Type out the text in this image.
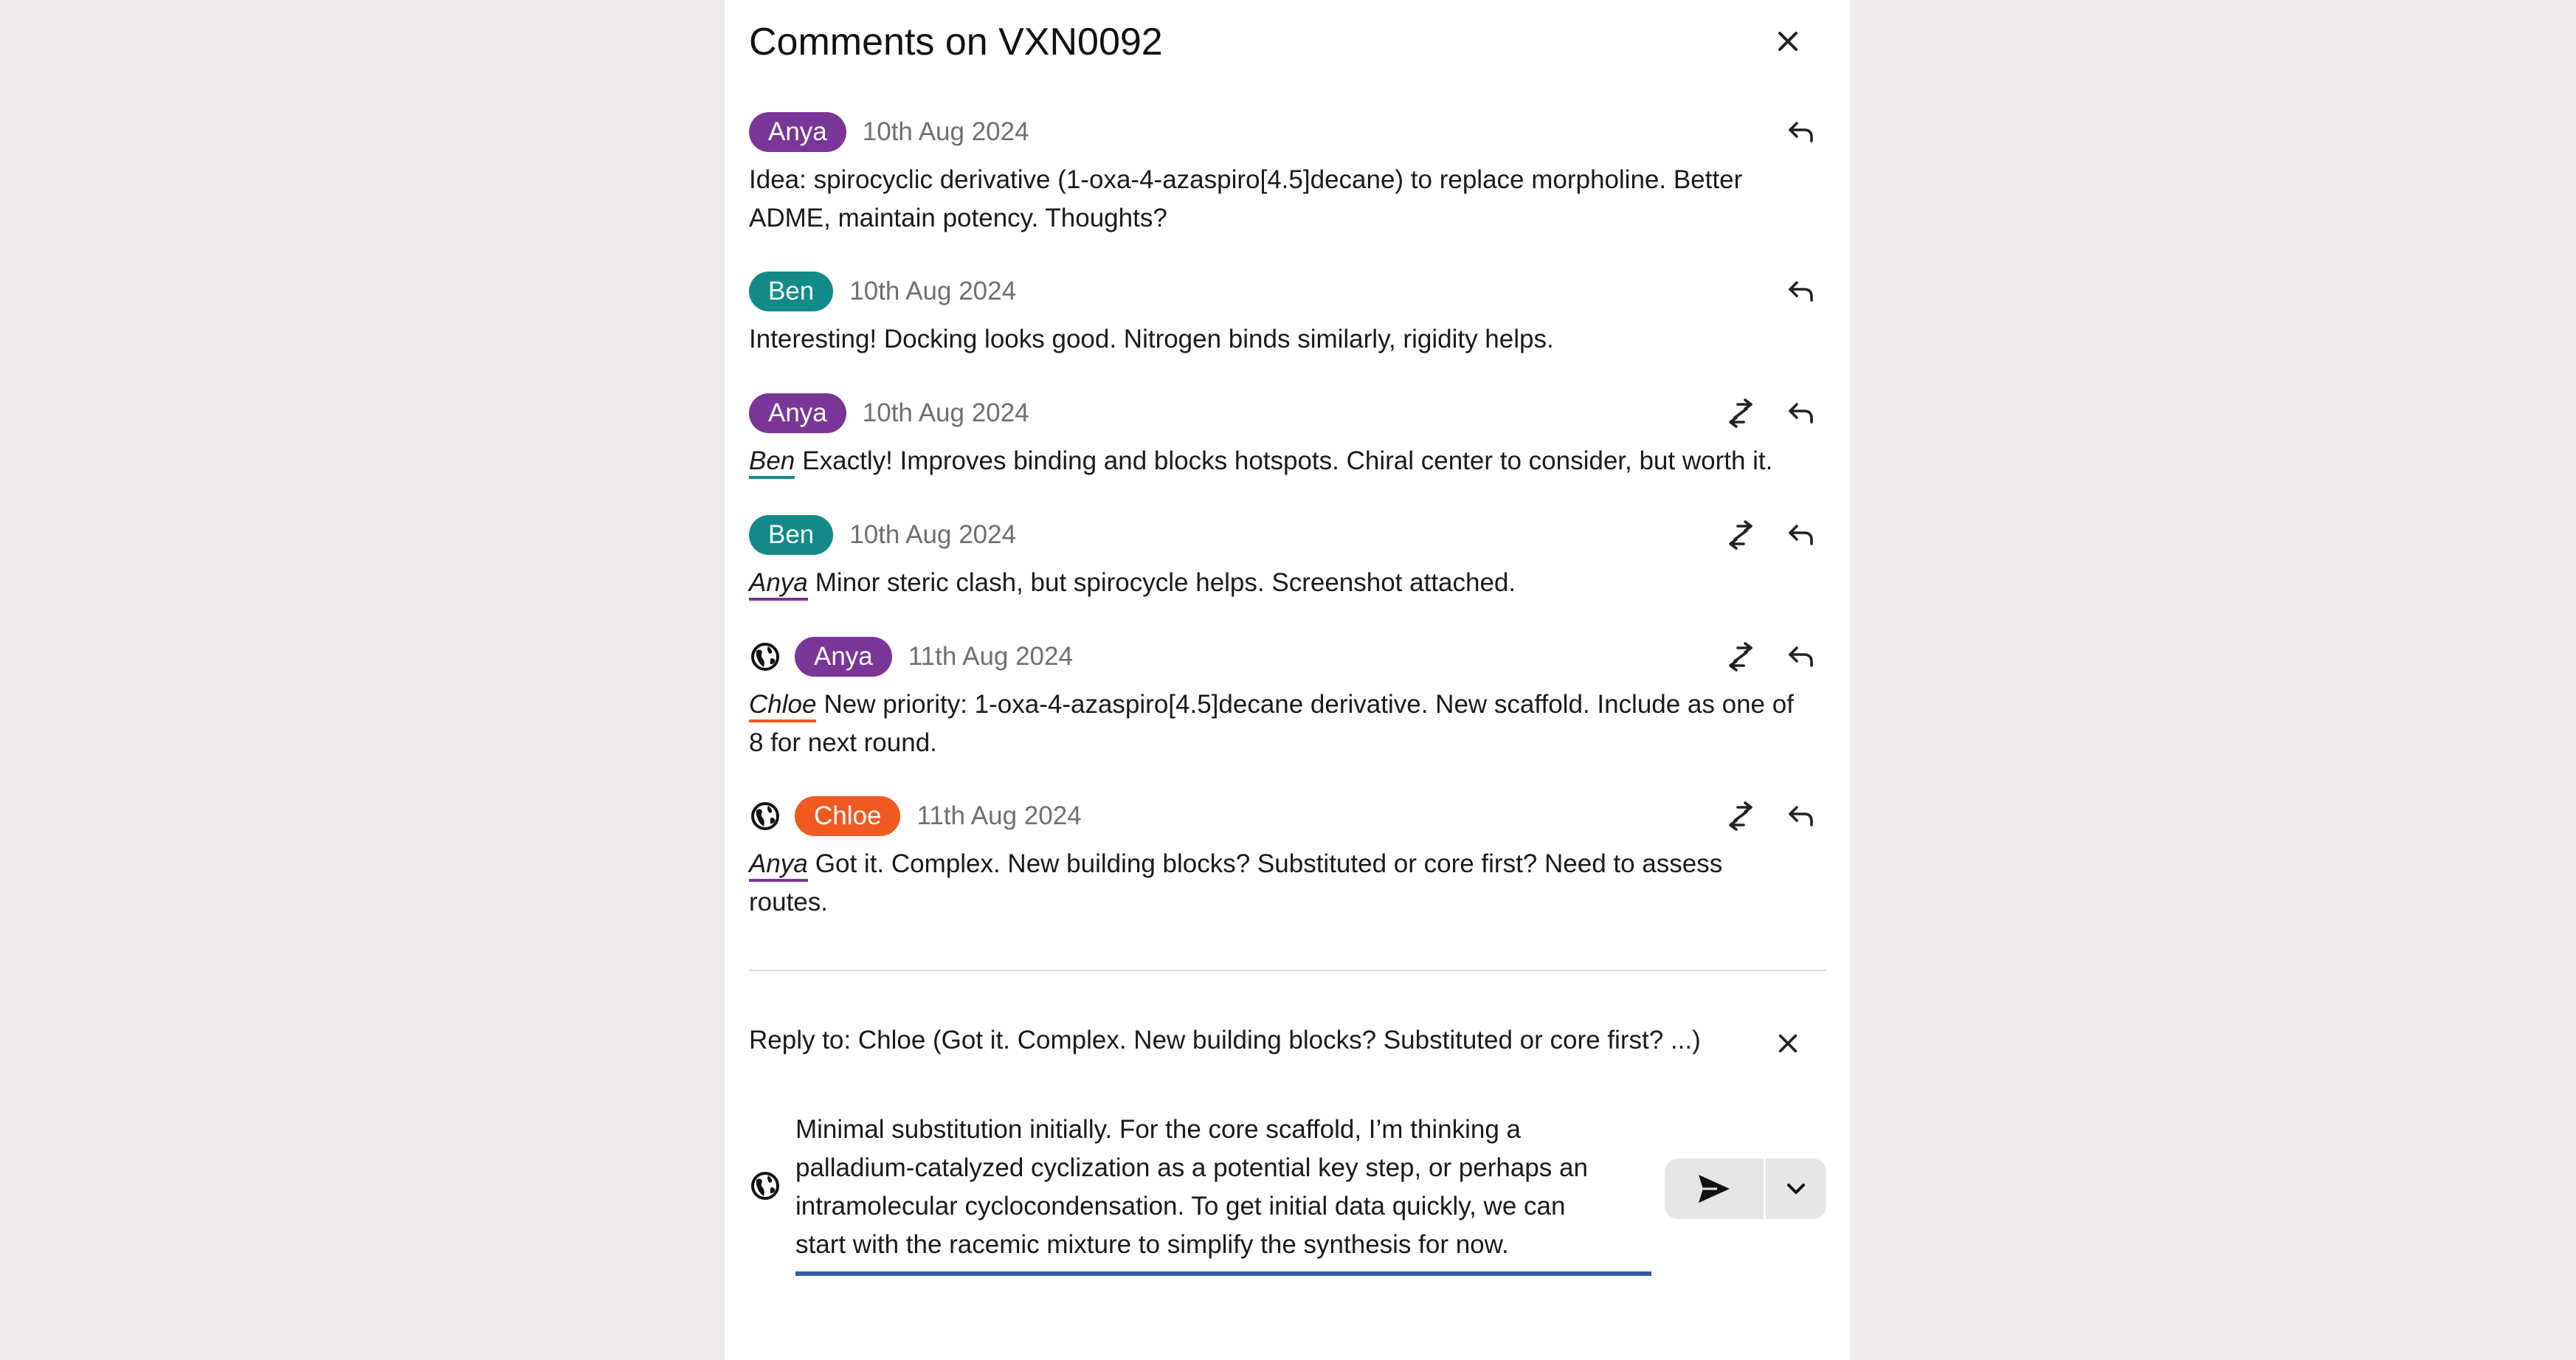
Comments on VXN0092
Anya	10th Aug 2024
Idea: spirocyclic derivative (1-oxa-4-azaspiro[4.5]decane) to replace morpholine. Better ADME, maintain potency. Thoughts?
Ben	10th Aug 2024
Interesting! Docking looks good. Nitrogen binds similarly, rigidity helps.
Anya	10th Aug 2024
Ben Exactly! Improves binding and blocks hotspots. Chiral center to consider, but worth it.
Ben	10th Aug 2024
Anya Minor steric clash, but spirocycle helps. Screenshot attached.
Anya	11th Aug 2024
Chloe New priority: 1-oxa-4-azaspiro[4.5]decane derivative. New scaffold. Include as one of 8 for next round.
Chloe	11th Aug 2024
Anya Got it. Complex. New building blocks? Substituted or core first? Need to assess routes.
Reply to: Chloe (Got it. Complex. New building blocks? Substituted or core first? ...)
Minimal substitution initially. For the core scaffold, I’m thinking a palladium-catalyzed cyclization as a potential key step, or perhaps an intramolecular cyclocondensation. To get initial data quickly, we can start with the racemic mixture to simplify the synthesis for now.
